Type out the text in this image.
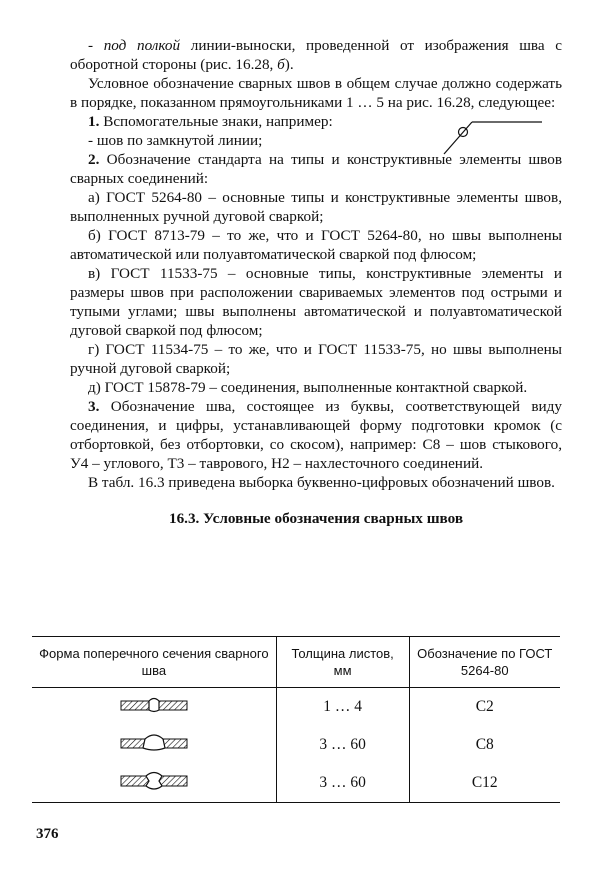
- под полкой линии-выноски, проведенной от изображения шва с оборотной стороны (рис. 16.28, б).

Условное обозначение сварных швов в общем случае должно содержать в порядке, показанном прямоугольниками 1 … 5 на рис. 16.28, следующее:

1. Вспомогательные знаки, например:

- шов по замкнутой линии;

2. Обозначение стандарта на типы и конструктивные элементы швов сварных соединений:

а) ГОСТ 5264-80 – основные типы и конструктивные элементы швов, выполненных ручной дуговой сваркой;

б) ГОСТ 8713-79 – то же, что и ГОСТ 5264-80, но швы выполнены автоматической или полуавтоматической сваркой под флюсом;

в) ГОСТ 11533-75 – основные типы, конструктивные элементы и размеры швов при расположении свариваемых элементов под острыми и тупыми углами; швы выполнены автоматической и полуавтоматической дуговой сваркой под флюсом;

г) ГОСТ 11534-75 – то же, что и ГОСТ 11533-75, но швы выполнены ручной дуговой сваркой;

д) ГОСТ 15878-79 – соединения, выполненные контактной сваркой.

3. Обозначение шва, состоящее из буквы, соответствующей виду соединения, и цифры, устанавливающей форму подготовки кромок (с отбортовкой, без отбортовки, со скосом), например: С8 – шов стыкового, У4 – углового, Т3 – таврового, Н2 – нахлесточного соединений.

В табл. 16.3 приведена выборка буквенно-цифровых обозначений швов.

16.3. Условные обозначения сварных швов
Форма поперечного сечения сварного шва	Толщина листов, мм	Обозначение по ГОСТ 5264-80
	1 … 4	С2
	3 … 60	С8
	3 … 60	С12
376
